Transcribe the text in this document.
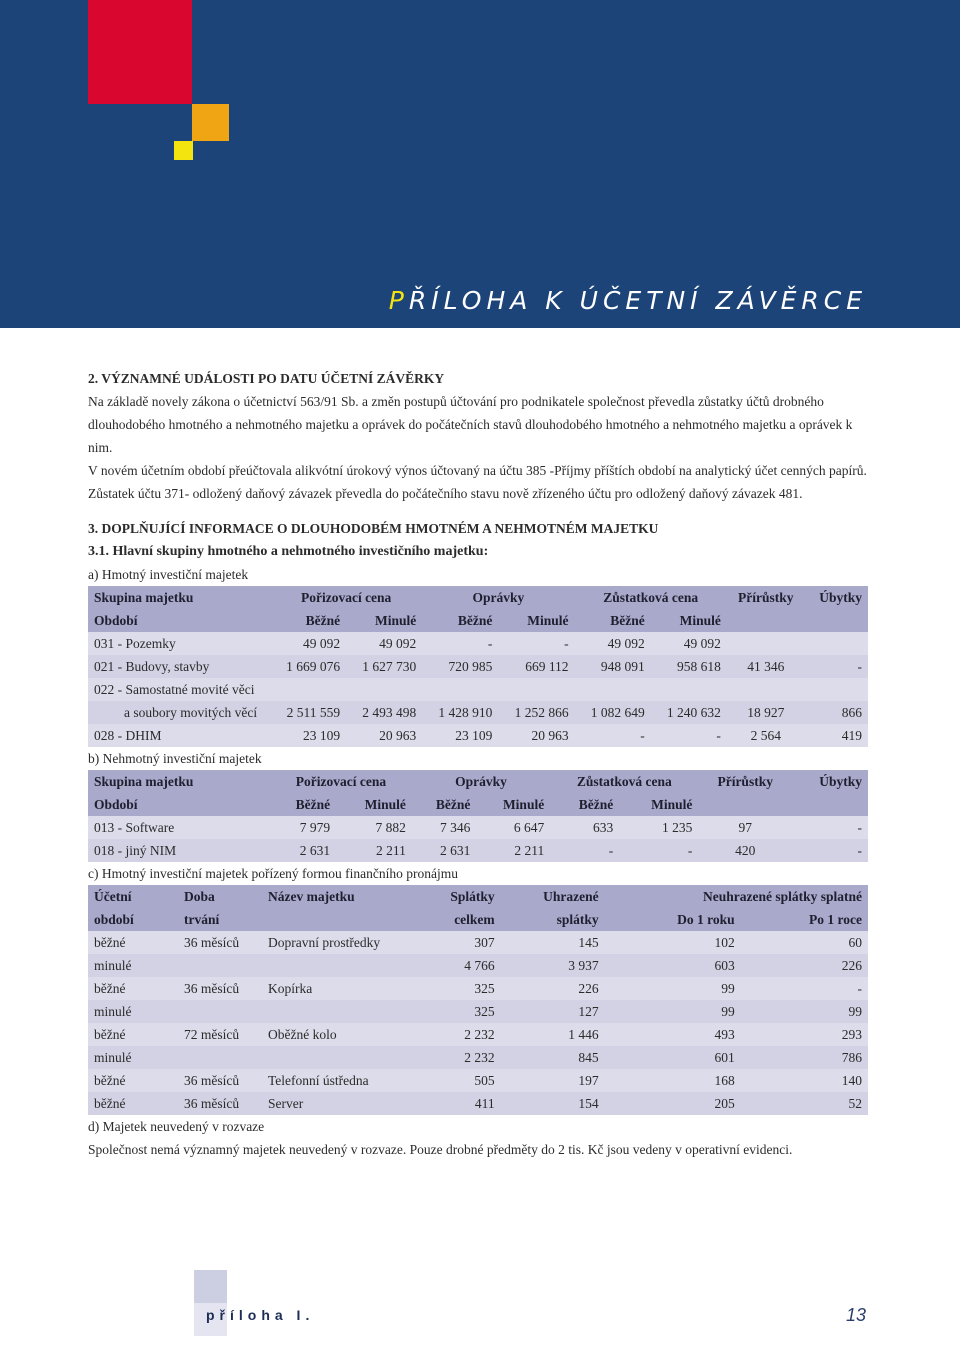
PŘÍLOHA K ÚČETNÍ ZÁVĚRCE
2. VÝZNAMNÉ UDÁLOSTI PO DATU ÚČETNÍ ZÁVĚRKY

Na základě novely zákona o účetnictví 563/91 Sb. a změn postupů účtování pro podnikatele společnost převedla zůstatky účtů drobného dlouhodobého hmotného a nehmotného majetku a oprávek do počátečních stavů dlouhodobého hmotného a nehmotného majetku a oprávek k nim.

V novém účetním období přeúčtovala alikvótní úrokový výnos účtovaný na účtu 385 -Příjmy příštích období na analytický účet cenných papírů. Zůstatek účtu 371- odložený daňový závazek převedla do počátečního stavu nově zřízeného účtu pro odložený daňový závazek 481.

3. DOPLŇUJÍCÍ INFORMACE O DLOUHODOBÉM HMOTNÉM A NEHMOTNÉM MAJETKU
3.1. Hlavní skupiny hmotného a nehmotného investičního majetku:
a) Hmotný investiční majetek
Skupina majetku	Pořizovací cena		Oprávky		Zůstatková cena		Přírůstky	Úbytky
Období	Běžné	Minulé	Běžné	Minulé	Běžné	Minulé		
031 - Pozemky	49 092	49 092	-	-	49 092	49 092		
021 - Budovy, stavby	1 669 076	1 627 730	720 985	669 112	948 091	958 618	41 346	-
022 - Samostatné movité věci								
a soubory movitých věcí	2 511 559	2 493 498	1 428 910	1 252 866	1 082 649	1 240 632	18 927	866
028 - DHIM	23 109	20 963	23 109	20 963	-	-	2 564	419
b) Nehmotný investiční majetek
Skupina majetku	Pořizovací cena		Oprávky		Zůstatková cena		Přírůstky	Úbytky
Období	Běžné	Minulé	Běžné	Minulé	Běžné	Minulé		
013 - Software	7 979	7 882	7 346	6 647	633	1 235	97	-
018 - jiný NIM	2 631	2 211	2 631	2 211	-	-	420	-
c) Hmotný investiční majetek pořízený formou finančního pronájmu
Účetní	Doba	Název majetku	Splátky	Uhrazené	Neuhrazené splátky splatné	
období	trvání		celkem	splátky	Do 1 roku	Po 1 roce
běžné	36 měsíců	Dopravní prostředky	307	145	102	60
minulé			4 766	3 937	603	226
běžné	36 měsíců	Kopírka	325	226	99	-
minulé			325	127	99	99
běžné	72 měsíců	Oběžné kolo	2 232	1 446	493	293
minulé			2 232	845	601	786
běžné	36 měsíců	Telefonní ústředna	505	197	168	140
běžné	36 měsíců	Server	411	154	205	52
d) Majetek neuvedený v rozvaze
Společnost nemá významný majetek neuvedený v rozvaze. Pouze drobné předměty do 2 tis. Kč jsou vedeny v operativní evidenci.
příloha I.	13
